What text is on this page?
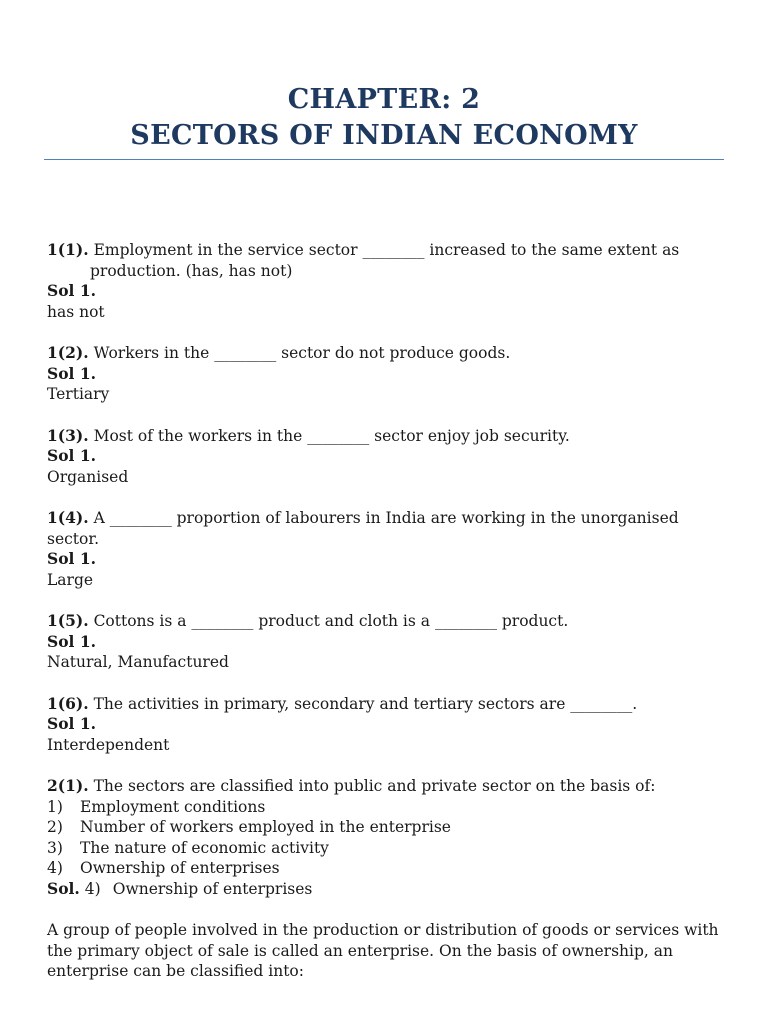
CHAPTER: 2
SECTORS OF INDIAN ECONOMY

1(1). Employment in the service sector ________ increased to the same extent as
production. (has, has not)

Sol 1.
has not

1(2). Workers in the ________ sector do not produce goods.

Sol 1.
Tertiary

1(3). Most of the workers in the ________ sector enjoy job security.

Sol 1.
Organised

1(4). A ________ proportion of labourers in India are working in the unorganised sector.

Sol 1.
Large

1(5). Cottons is a ________ product and cloth is a ________ product.

Sol 1.
Natural, Manufactured

1(6). The activities in primary, secondary and tertiary sectors are ________.

Sol 1.
Interdependent

2(1). The sectors are classified into public and private sector on the basis of:

1)	Employment conditions
2)	Number of workers employed in the enterprise
3)	The nature of economic activity
4)	Ownership of enterprises
Sol. 4) Ownership of enterprises

A group of people involved in the production or distribution of goods or services with the primary object of sale is called an enterprise. On the basis of ownership, an enterprise can be classified into:
